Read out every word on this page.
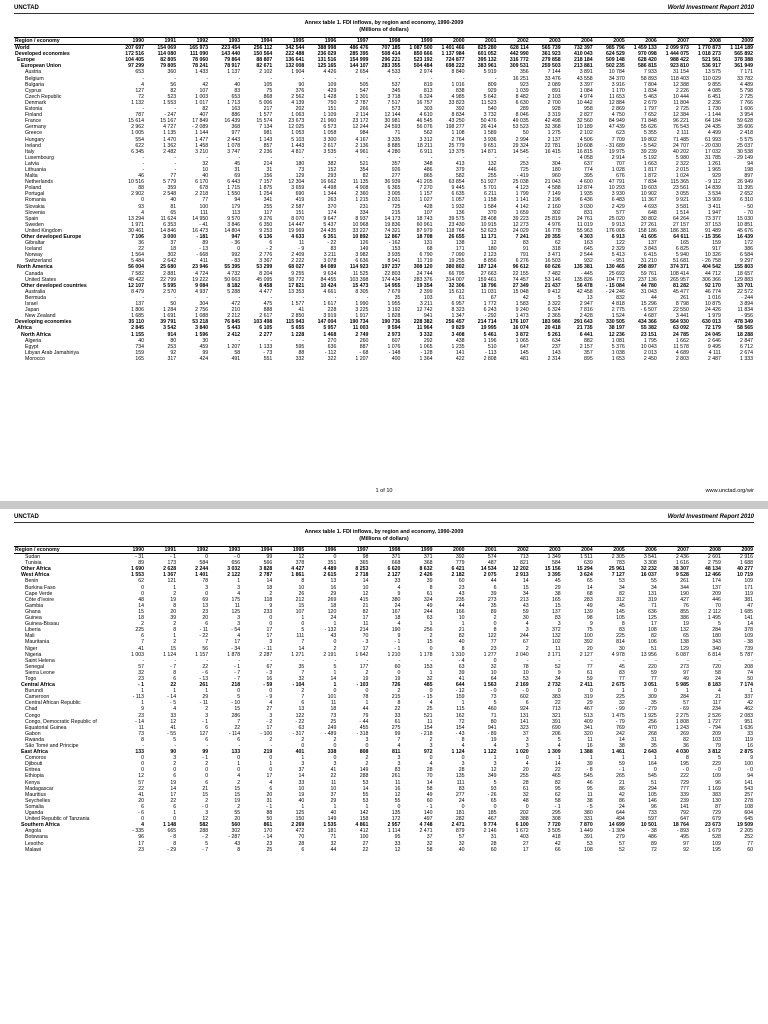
UNCTAD	World Investment Report 2010
Annex table 1. FDI inflows, by region and economy, 1990-2009
(Millions of dollars)
Region / economy	1990	1991	1992	1993	1994	1995	1996	1997	1998	1999	2000	2001	2002	2003	2004	2005	2006	2007	2008	2009
World	207 697	154 069	165 973	223 454	256 112	342 544	388 998	486 476	707 185	1 087 500	1 401 466	825 280	628 114	565 739	732 397	985 796	1 459 133	2 099 973	1 770 873	1 114 189
Developed economies	172 516	114 080	111 090	143 440	150 564	222 488	236 029	285 395	508 414	850 666	1 137 984	601 052	442 990	361 923	410 043	624 529	970 098	1 444 075	1 018 273	565 892
Europe	104 405	82 805	78 060	79 864	88 807	136 641	131 516	154 999	296 221	523 192	724 877	395 132	316 772	279 858	218 184	509 148	628 420	988 422	521 561	378 388
European Union	97 299	79 805	78 241	78 917	82 671	132 008	125 165	144 107	283 355	504 484	698 222	383 961	309 531	259 503	213 881	502 235	586 815	923 810	536 917	361 949
Austria	653	360	1 433	1 137	2 102	1 904	4 426	2 654	4 533	2 974	8 840	5 919	356	7 144	3 891	10 784	7 933	31 154	13 575	7 171
Belgium	-	-	-	-	-	-	-	-	-	-	-	-	16 251	33 476	43 558	34 370	58 893	118 403	110 029	33 782
Bulgaria	4	56	42	40	105	90	109	505	537	819	1 016	809	923	2 089	3 397	3 916	7 804	12 388	9 855	4 489
Cyprus	127	82	107	83	75	376	429	547	345	813	838	929	1 039	891	1 084	1 170	1 834	2 226	4 085	5 798
Czech Republic	72	523	1 003	653	868	2 562	1 428	1 301	3 718	6 324	4 985	5 642	8 482	2 103	4 974	11 653	5 463	10 444	6 451	2 725
Denmark	1 132	1 553	1 017	1 713	5 006	4 139	750	2 787	7 517	16 757	33 823	11 523	6 630	2 700	10 442	12 884	2 679	11 804	2 236	7 766
Estonia	-	-	82	163	217	202	151	266	573	303	392	540	289	928	958	2 869	1 797	2 725	1 730	1 606
Finland	787	- 247	407	886	1 577	1 063	1 109	2 114	12 144	4 610	8 834	3 732	8 046	3 319	2 827	4 750	7 652	12 384	- 1 144	3 954
France	15 614	15 167	17 849	16 439	15 574	23 673	21 960	23 172	30 981	46 545	43 250	50 476	49 035	42 498	32 560	84 949	71 848	96 221	64 184	59 628
Germany	2 962	4 727	- 2 089	368	7 134	12 025	6 573	12 244	24 593	56 076	198 277	26 414	53 523	32 368	10 189	47 439	55 626	76 543	24 435	35 606
Greece	1 005	1 135	1 144	977	981	1 053	1 058	984	71	562	1 108	1 589	50	1 275	2 102	623	5 355	2 111	4 499	2 418
Hungary	554	1 470	1 477	2 443	1 143	5 103	3 300	4 167	3 335	3 312	2 764	3 936	2 994	2 137	4 506	7 709	19 802	71 485	61 993	- 5 575
Ireland	622	1 362	1 458	1 078	857	1 443	2 617	2 136	8 885	18 211	25 779	9 651	29 324	22 781	10 608	- 31 689	- 5 542	24 707	- 20 030	25 037
Italy	6 345	2 482	3 210	3 747	2 236	4 817	3 535	4 961	4 280	6 911	13 375	14 871	14 545	16 415	16 815	19 975	39 239	40 202	17 032	30 538
Luxembourg	-	-	-	-	-	-	-	-	-	-	-	-	-	-	4 058	2 914	5 192	5 980	31 785	- 29 149
Latvia	-	-	32	45	214	180	382	521	357	348	413	132	253	304	637	707	1 663	2 322	1 261	94
Lithuania	-	-	10	31	31	73	152	354	926	486	379	446	725	180	774	1 028	1 817	2 015	1 965	198
Malta	46	77	40	69	156	129	293	82	277	865	582	255	- 419	960	395	676	1 872	1 024	929	897
Netherlands	10 516	5 779	6 170	6 443	7 157	12 304	16 662	11 135	36 939	41 205	63 854	51 927	25 038	21 043	4 600	47 791	7 834	115 365	- 9 112	26 949
Poland	88	359	678	1 715	1 875	3 659	4 498	4 908	6 365	7 270	9 445	5 701	4 123	4 588	12 874	10 293	19 603	23 561	14 839	11 395
Portugal	2 902	2 548	2 218	1 550	1 254	690	1 344	2 360	3 005	1 157	6 635	6 211	1 799	7 149	1 935	3 930	10 902	3 055	3 534	2 652
Romania	0	40	77	94	341	419	263	1 215	2 031	1 027	1 057	1 158	1 141	2 196	6 436	6 483	11 367	9 921	13 909	6 310
Slovakia	93	81	100	179	255	2 587	370	231	725	428	1 932	1 584	4 142	2 160	3 030	2 429	4 693	3 581	3 411	- 50
Slovenia	4	65	111	113	117	151	174	334	215	107	136	370	1 659	302	831	577	648	1 514	1 947	- 70
Spain	13 294	11 624	14 950	9 570	9 276	8 070	9 647	8 937	14 173	18 743	39 575	28 408	39 223	25 819	24 761	25 020	30 802	64 264	73 377	15 030
Sweden	1 971	6 353	- 41	3 846	6 350	14 447	5 437	10 968	19 836	60 961	23 430	10 915	12 273	4 976	11 019	9 913	27 261	27 157	37 153	10 851
United Kingdom	30 461	14 846	16 473	14 804	9 253	19 969	24 435	33 227	74 321	87 979	118 764	52 623	24 029	16 778	55 963	176 006	158 186	186 381	91 489	45 676
Other developed Europe	7 106	3 000	- 181	947	6 136	4 633	6 351	10 892	12 867	18 708	26 655	11 171	7 241	20 355	4 303	6 913	41 605	64 611	- 15 356	16 439
Gibraltar	36	37	89	- 36	6	11	- 22	126	- 162	131	138	12	83	62	163	122	137	165	159	172
Iceland	22	18	- 13	0	- 2	- 9	83	149	153	68	171	180	91	318	645	2 329	3 843	6 825	917	386
Norway	1 564	302	- 668	992	2 776	2 409	3 211	3 982	3 935	6 790	7 090	2 123	791	3 471	2 544	5 413	6 415	5 940	10 326	6 584
Switzerland	5 484	2 642	411	- 83	3 367	2 222	3 078	6 636	8 941	11 719	19 255	8 856	6 276	16 503	932	- 951	31 210	51 681	- 26 758	9 297
North America	56 004	25 680	23 946	55 395	53 299	68 027	84 089	114 923	197 237	308 120	380 802	187 124	96 612	60 626	135 381	130 465	298 897	374 371	404 542	155 803
Canada	7 582	2 881	4 724	4 732	8 204	9 255	9 634	11 525	22 803	24 744	66 795	27 663	22 155	7 482	- 445	25 692	59 761	108 414	44 712	18 657
United States	48 422	22 799	19 222	50 663	45 095	58 772	84 455	103 398	174 434	283 376	314 007	159 461	74 457	53 146	135 826	104 773	237 136	265 957	306 366	129 883
Other developed countries	12 107	5 595	9 084	8 182	8 458	17 821	10 424	15 473	14 955	19 354	32 306	18 796	27 349	21 437	56 478	- 15 084	44 780	81 282	92 170	33 701
Australia	8 479	2 570	4 937	5 288	4 477	13 353	4 661	8 305	7 679	2 399	15 612	11 031	15 048	9 412	42 458	- 24 246	31 043	45 477	46 774	22 572
Bermuda	-	-	-	-	-	-	-	-	35	103	61	67	42	5	13	832	44	261	1 016	- 244
Israel	137	50	304	472	475	1 577	1 617	1 990	1 955	3 211	6 957	1 772	1 583	3 322	2 947	4 818	15 296	8 798	10 875	3 894
Japan	1 806	1 284	2 756	210	888	41	228	3 225	3 192	12 742	8 323	6 243	9 240	6 324	7 816	2 775	- 6 507	22 550	24 426	11 834
New Zealand	1 685	1 691	1 088	2 212	2 617	2 850	3 919	1 917	1 828	941	1 347	- 292	1 473	2 365	2 428	1 524	4 687	3 441	1 979	- 956
Developing economies	35 110	39 791	53 218	76 845	103 498	115 943	147 004	190 734	190 736	228 382	256 457	214 714	176 107	183 986	291 643	330 505	434 366	564 930	630 013	478 349
Africa	2 845	3 542	3 840	5 443	6 105	5 655	5 957	11 003	9 594	11 964	9 829	19 995	16 074	20 418	21 735	38 197	55 382	63 092	72 179	58 565
North Africa	1 155	914	1 596	2 412	2 277	1 228	1 468	2 749	2 973	3 332	3 408	5 461	3 872	5 261	6 441	12 236	23 151	24 785	24 045	18 288
Algeria	40	80	30	-	-	-	270	260	607	292	438	1 196	1 065	634	882	1 081	1 795	1 662	2 646	2 847
Egypt	734	253	459	1 207	1 133	595	636	887	1 076	1 065	1 235	510	647	237	2 157	5 376	10 043	11 578	9 495	6 712
Libyan Arab Jamahiriya	159	92	99	58	- 73	88	- 112	- 68	- 148	- 128	141	- 113	145	143	357	1 038	2 013	4 689	4 111	2 674
Morocco	165	317	424	491	551	332	322	1 207	400	1 364	422	2 808	481	2 314	895	1 653	2 450	2 803	2 487	1 333
1 of 10	www.unctad.org/wir
UNCTAD	World Investment Report 2010
Annex table 1. FDI inflows, by region and economy, 1990-2009
(Millions of dollars)
Region / economy	1990	1991	1992	1993	1994	1995	1996	1997	1998	1999	2000	2001	2002	2003	2004	2005	2006	2007	2008	2009
Sudan	- 31	- 1	0	- 0	99	12	0	98	371	371	392	574	713	1 349	1 511	2 305	3 541	2 436	2 601	2 916
Tunisia	89	173	584	656	566	378	351	365	668	368	779	487	821	584	639	783	3 308	1 616	2 759	1 688
Other Africa	1 690	2 628	2 244	3 032	3 828	4 427	4 489	8 253	6 620	8 632	6 421	14 534	12 202	15 156	15 294	25 961	32 232	38 307	48 134	40 277
West Africa	1 553	1 367	1 401	2 122	2 787	1 861	2 615	2 718	2 127	2 426	2 182	2 075	2 913	3 395	3 624	7 127	16 037	9 528	12 466	10 719
Benin	62	121	78	1	14	8	13	14	33	39	60	44	14	45	65	53	55	261	174	109
Burkina Faso	0	1	3	3	18	10	16	10	4	8	23	6	15	29	14	34	34	344	137	171
Cape Verde	0	2	0	4	2	26	29	12	9	61	43	39	34	38	68	82	131	190	209	119
Côte d'Ivoire	48	19	69	175	118	212	269	415	380	324	235	273	213	165	283	312	319	427	446	381
Gambia	14	8	13	11	9	15	18	21	24	49	44	35	43	15	49	45	71	76	70	47
Ghana	15	20	23	125	233	107	120	82	167	244	166	89	59	137	139	145	636	855	2 112	1 685
Guinea	18	39	20	3	0	1	24	17	18	63	10	2	30	83	98	105	125	386	1 495	141
Guinea-Bissau	2	2	6	3	0	0	1	11	4	1	1	0	4	3	9	8	17	19	5	14
Liberia	225	8	- 11	- 54	17	5	- 132	214	190	256	21	8	3	372	75	83	108	132	284	378
Mali	6	1	- 22	4	17	111	43	70	9	2	82	122	244	132	100	225	82	65	180	109
Mauritania	7	2	7	17	3	7	0	- 3	- 1	15	40	77	67	102	392	814	106	138	343	- 38
Niger	41	15	56	- 34	- 11	14	2	17	- 1	0	8	23	2	11	20	30	51	129	340	739
Nigeria	1 003	1 124	1 157	1 878	2 287	1 271	2 191	1 642	1 210	1 178	1 310	1 277	2 040	2 171	2 127	4 978	13 956	6 087	6 814	5 787
Saint Helena	-	-	-	-	-	-	-	-	-	-	- 4	0	-	-	-	-	-	-	-	-
Senegal	57	- 7	22	- 1	67	35	5	177	60	153	63	32	78	52	77	45	220	273	720	208
Sierra Leone	32	8	- 6	- 7	- 3	7	1	2	0	1	39	10	10	9	61	83	59	97	58	74
Togo	23	6	- 13	- 7	16	32	14	19	19	32	41	64	53	34	59	77	77	49	24	50
Central Africa	- 1	22	261	218	- 59	- 104	1	- 103	726	485	644	1 563	2 169	2 732	2 411	2 675	3 051	5 985	8 183	7 174
Burundi	1	1	1	0	0	2	0	0	2	0	- 12	- 0	- 0	0	0	1	0	1	4	1
Cameroon	- 113	- 14	29	5	- 9	7	101	78	215	- 15	159	73	602	383	319	225	309	284	21	337
Central African Republic	1	- 5	- 11	- 10	4	6	11	1	8	4	1	5	6	22	29	32	35	57	117	42
Chad	9	4	2	15	27	13	18	44	22	25	115	460	924	713	467	- 99	- 279	- 69	234	462
Congo	23	33	3	286	3	122	73	79	33	521	162	71	131	321	513	1 475	1 925	2 275	2 526	2 083
Congo, Democratic Republic of	- 14	12	- 1	7	- 2	- 22	25	- 44	61	11	72	80	141	391	409	- 79	256	1 808	1 727	951
Equatorial Guinea	11	41	6	22	17	63	249	455	275	154	154	941	323	690	341	769	470	1 243	- 794	1 636
Gabon	73	- 55	127	- 114	- 100	- 317	- 489	- 318	99	- 218	- 43	- 89	37	206	320	242	268	269	209	33
Rwanda	8	5	6	6	2	2	2	3	7	2	8	19	3	5	11	14	31	82	103	119
São Tomé and Principe	-	-	-	-	-	0	0	0	4	3	4	4	3	4	16	38	35	36	79	16
East Africa	133	90	99	133	219	401	338	808	811	972	1 124	1 122	1 020	1 309	1 388	1 461	2 643	4 030	3 812	2 875
Comoros	0	3	- 1	0	0	1	0	2	3	0	0	1	0	1	1	1	1	8	5	9
Djibouti	0	2	2	1	1	3	3	2	3	4	3	3	4	14	39	59	164	195	229	100
Eritrea	0	0	0	0	0	37	41	149	83	28	28	12	20	22	- 8	- 1	0	- 0	- 0	- 0
Ethiopia	12	6	0	4	17	14	22	288	261	70	135	349	255	465	545	265	545	222	109	94
Kenya	57	19	6	2	4	33	11	53	11	14	111	5	28	82	46	21	51	729	96	141
Madagascar	22	14	21	15	6	10	10	14	16	58	83	93	61	95	95	86	294	777	1 169	543
Mauritius	41	17	15	15	20	19	37	55	12	49	277	- 26	32	62	11	42	105	339	383	257
Seychelles	20	22	2	19	31	40	29	53	55	60	24	65	48	58	38	86	146	239	130	278
Somalia	6	6	- 0	2	- 1	1	1	1	0	- 1	0	0	0	- 1	- 5	24	96	141	87	108
Uganda	- 6	1	3	55	88	125	40	142	135	140	181	185	202	295	380	644	733	792	729	604
United Republic of Tanzania	0	0	12	20	50	150	149	158	172	497	282	467	388	308	331	494	597	647	679	645
Southern Africa	4	1 148	582	560	861	2 269	1 535	4 861	2 957	4 748	2 471	9 774	6 100	7 720	7 870	14 699	10 501	18 764	23 673	19 509
Angola	- 335	665	288	302	170	472	181	412	1 114	2 471	879	2 146	1 672	3 505	1 449	- 1 304	- 38	- 893	1 679	2 205
Botswana	96	- 8	- 2	- 287	- 14	70	71	100	95	37	57	31	403	418	391	279	486	495	528	252
Lesotho	17	8	5	43	23	28	32	27	33	32	32	28	27	42	53	57	89	97	109	77
Malawi	23	- 29	- 7	8	25	6	44	22	12	58	40	60	17	66	108	52	72	92	195	60
